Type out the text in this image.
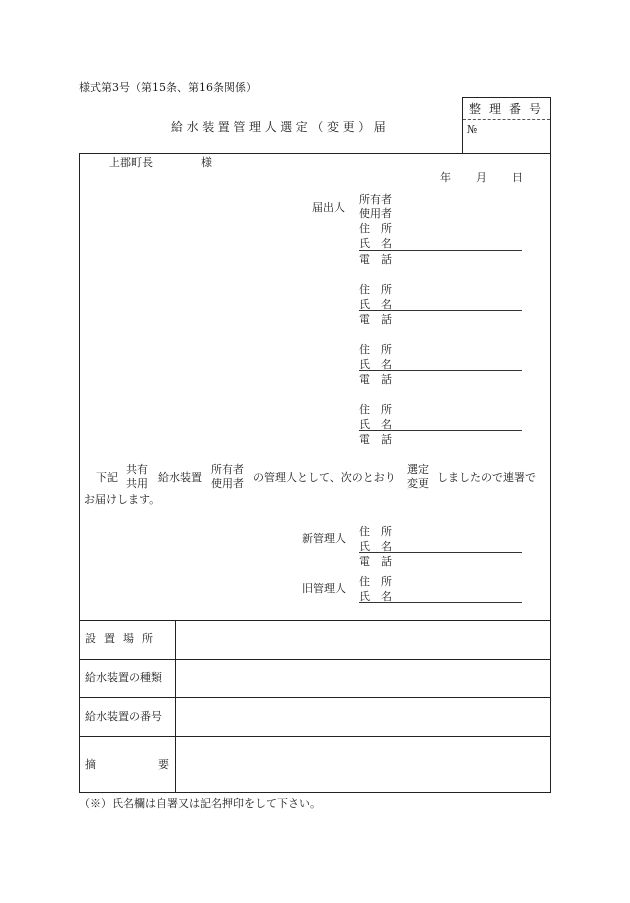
様式第3号（第15条、第16条関係）
給水装置管理人選定（変更）届
整理番号
№
上郡町長	様
年 月 日
届出人
所有者
使用者
住所
氏名
電話
住所
氏名
電話
住所
氏名
電話
住所
氏名
電話
下記
共有
共用 給水装置
所有者
使用者 の管理人として、次のとおり
選定
変更 しましたので連署で
お届けします。
新管理人
住所
氏名
電話
旧管理人
住所
氏名
設置場所
給水装置の種類
給水装置の番号
摘	要
（※）氏名欄は自署又は記名押印をして下さい。
